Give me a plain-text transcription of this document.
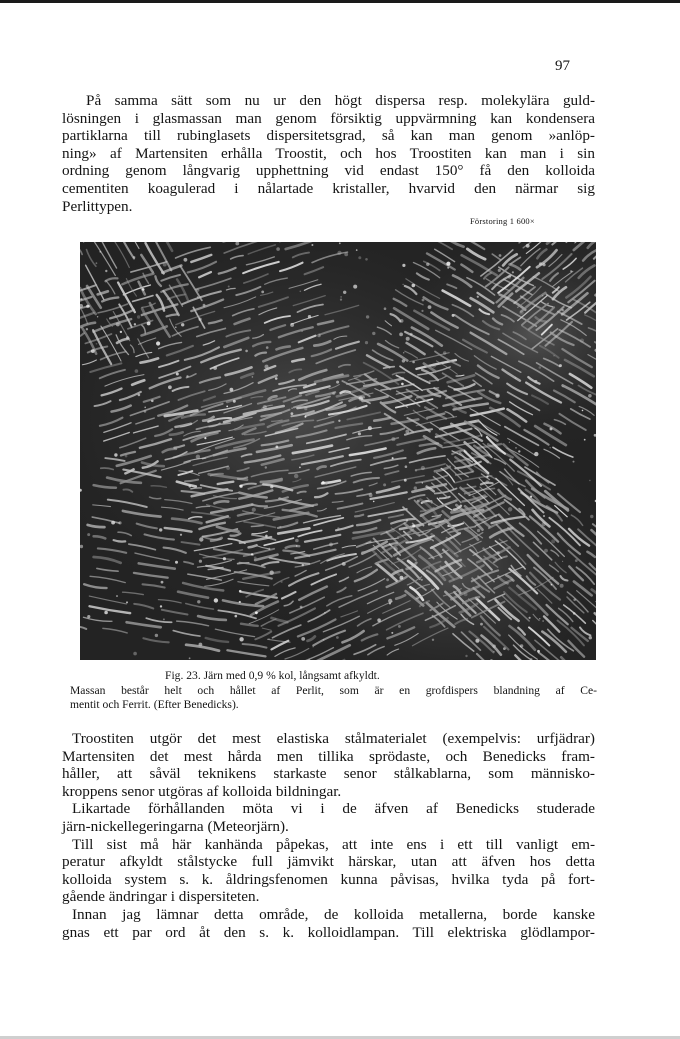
97
På samma sätt som nu ur den högt dispersa resp. molekylära guld-
lösningen i glasmassan man genom försiktig uppvärmning kan kondensera
partiklarna till rubinglasets dispersitetsgrad, så kan man genom »anlöp-
ning» af Martensiten erhålla Troostit, och hos Troostiten kan man i sin
ordning genom långvarig upphettning vid endast 150° få den kolloida
cementiten koagulerad i nålartade kristaller, hvarvid den närmar sig
Perlittypen.
Förstoring 1 600×
Fig. 23. Järn med 0,9 % kol, långsamt afkyldt.
Massan består helt och hållet af Perlit, som är en grofdispers blandning af Ce-
mentit och Ferrit. (Efter Benedicks).
Troostiten utgör det mest elastiska stålmaterialet (exempelvis: urfjädrar)
Martensiten det mest hårda men tillika sprödaste, och Benedicks fram-
håller, att såväl teknikens starkaste senor stålkablarna, som människo-
kroppens senor utgöras af kolloida bildningar.
Likartade förhållanden möta vi i de äfven af Benedicks studerade
järn-nickellegeringarna (Meteorjärn).
Till sist må här kanhända påpekas, att inte ens i ett till vanligt em-
peratur afkyldt stålstycke full jämvikt härskar, utan att äfven hos detta
kolloida system s. k. åldringsfenomen kunna påvisas, hvilka tyda på fort-
gående ändringar i dispersiteten.
Innan jag lämnar detta område, de kolloida metallerna, borde kanske
gnas ett par ord åt den s. k. kolloidlampan. Till elektriska glödlampor-
